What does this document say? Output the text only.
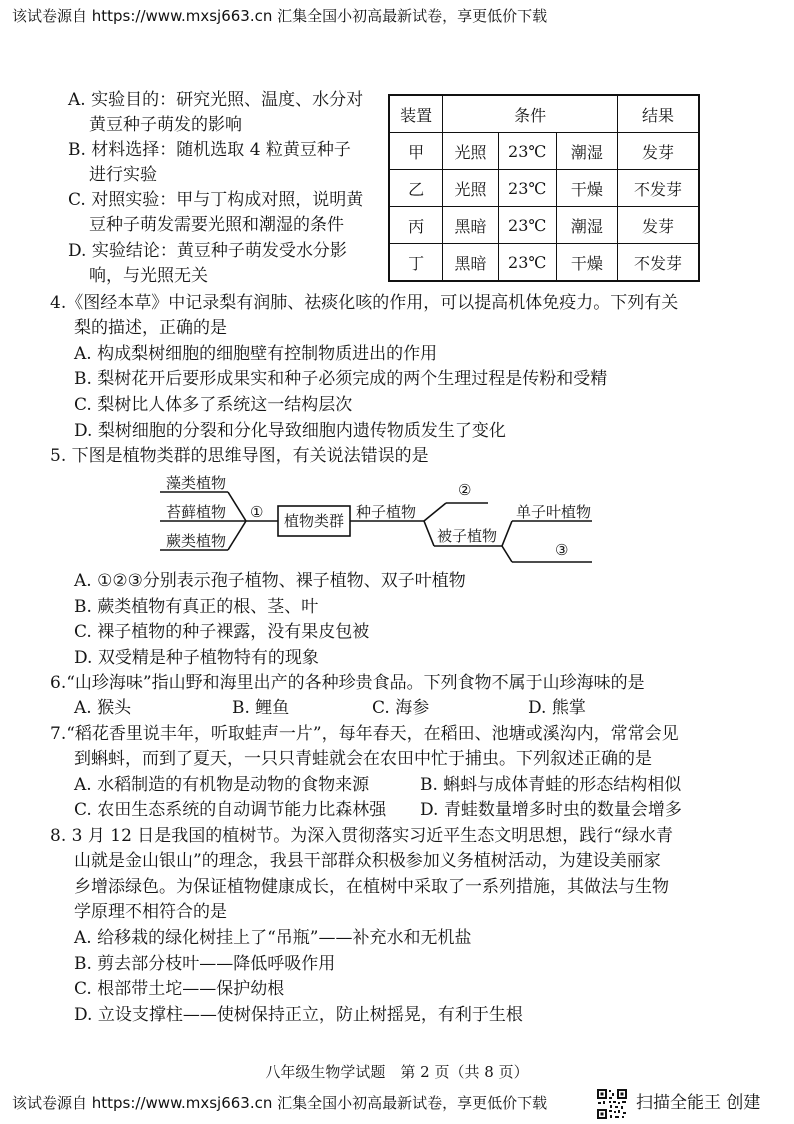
该试卷源自 https://www.mxsj663.cn 汇集全国小初高最新试卷，享更低价下载
A. 实验目的：研究光照、温度、水分对
黄豆种子萌发的影响
B. 材料选择：随机选取 4 粒黄豆种子
进行实验
C. 对照实验：甲与丁构成对照，说明黄
豆种子萌发需要光照和潮湿的条件
D. 实验结论：黄豆种子萌发受水分影
响，与光照无关
装置	条件			结果
甲	光照	23℃	潮湿	发芽
乙	光照	23℃	干燥	不发芽
丙	黑暗	23℃	潮湿	发芽
丁	黑暗	23℃	干燥	不发芽
4.《图经本草》中记录梨有润肺、祛痰化咳的作用，可以提高机体免疫力。下列有关
梨的描述，正确的是
A. 构成梨树细胞的细胞壁有控制物质进出的作用
B. 梨树花开后要形成果实和种子必须完成的两个生理过程是传粉和受精
C. 梨树比人体多了系统这一结构层次
D. 梨树细胞的分裂和分化导致细胞内遗传物质发生了变化
5. 下图是植物类群的思维导图，有关说法错误的是
藻类植物
苔藓植物
蕨类植物
① 植物类群 种子植物
②
被子植物
单子叶植物
③
A. ①②③分别表示孢子植物、裸子植物、双子叶植物
B. 蕨类植物有真正的根、茎、叶
C. 裸子植物的种子裸露，没有果皮包被
D. 双受精是种子植物特有的现象
6.“山珍海味”指山野和海里出产的各种珍贵食品。下列食物不属于山珍海味的是
A. 猴头	B. 鲤鱼	C. 海参	D. 熊掌
7.“稻花香里说丰年，听取蛙声一片”，每年春天，在稻田、池塘或溪沟内，常常会见
到蝌蚪，而到了夏天，一只只青蛙就会在农田中忙于捕虫。下列叙述正确的是
A. 水稻制造的有机物是动物的食物来源	B. 蝌蚪与成体青蛙的形态结构相似
C. 农田生态系统的自动调节能力比森林强 D. 青蛙数量增多时虫的数量会增多
8. 3 月 12 日是我国的植树节。为深入贯彻落实习近平生态文明思想，践行“绿水青
山就是金山银山”的理念，我县干部群众积极参加义务植树活动，为建设美丽家
乡增添绿色。为保证植物健康成长，在植树中采取了一系列措施，其做法与生物
学原理不相符合的是
A. 给移栽的绿化树挂上了“吊瓶”——补充水和无机盐
B. 剪去部分枝叶——降低呼吸作用
C. 根部带土坨——保护幼根
D. 立设支撑柱——使树保持正立，防止树摇晃，有利于生根
八年级生物学试题　第 2 页（共 8 页）
该试卷源自 https://www.mxsj663.cn 汇集全国小初高最新试卷，享更低价下载	扫描全能王 创建
